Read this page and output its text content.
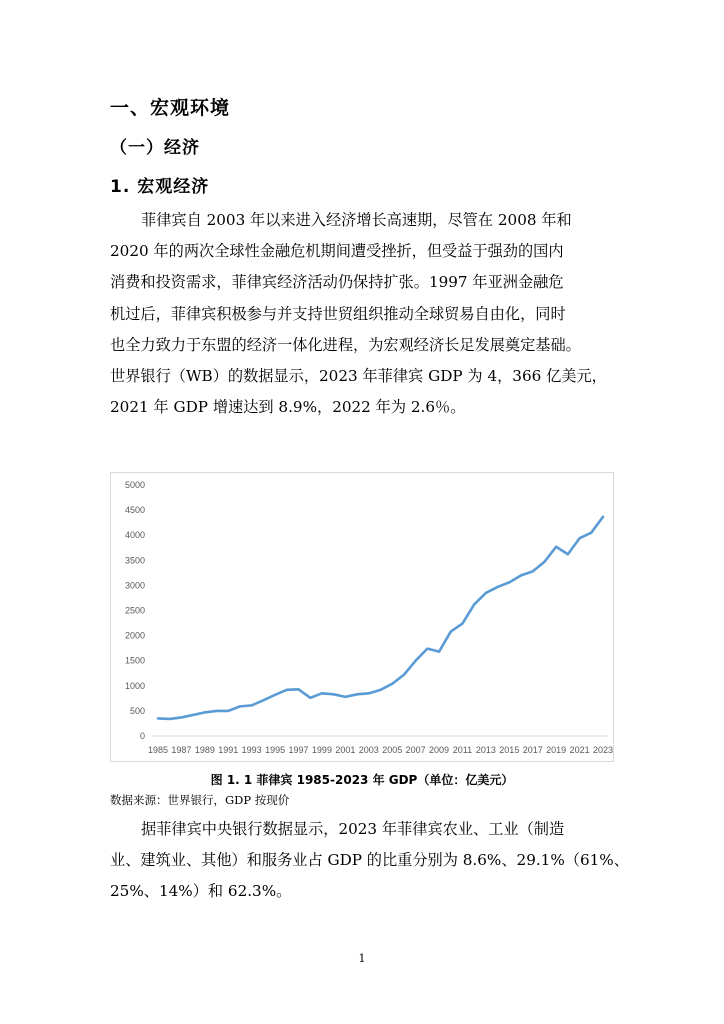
一、宏观环境
（一）经济
1. 宏观经济
菲律宾自 2003 年以来进入经济增长高速期，尽管在 2008 年和
2020 年的两次全球性金融危机期间遭受挫折，但受益于强劲的国内
消费和投资需求，菲律宾经济活动仍保持扩张。1997 年亚洲金融危
机过后，菲律宾积极参与并支持世贸组织推动全球贸易自由化，同时
也全力致力于东盟的经济一体化进程，为宏观经济长足发展奠定基础。
世界银行（WB）的数据显示，2023 年菲律宾 GDP 为 4，366 亿美元，
2021 年 GDP 增速达到 8.9%，2022 年为 2.6％。
0
500
1000
1500
2000
2500
3000
3500
4000
4500
5000
1985 1987 1989 1991 1993 1995 1997 1999 2001 2003 2005 2007 2009 2011 2013 2015 2017 2019 2021 2023
图 1. 1 菲律宾 1985-2023 年 GDP（单位：亿美元）
数据来源：世界银行，GDP 按现价
据菲律宾中央银行数据显示，2023 年菲律宾农业、工业（制造
业、建筑业、其他）和服务业占 GDP 的比重分别为 8.6%、29.1%（61%、
25%、14%）和 62.3%。
1
